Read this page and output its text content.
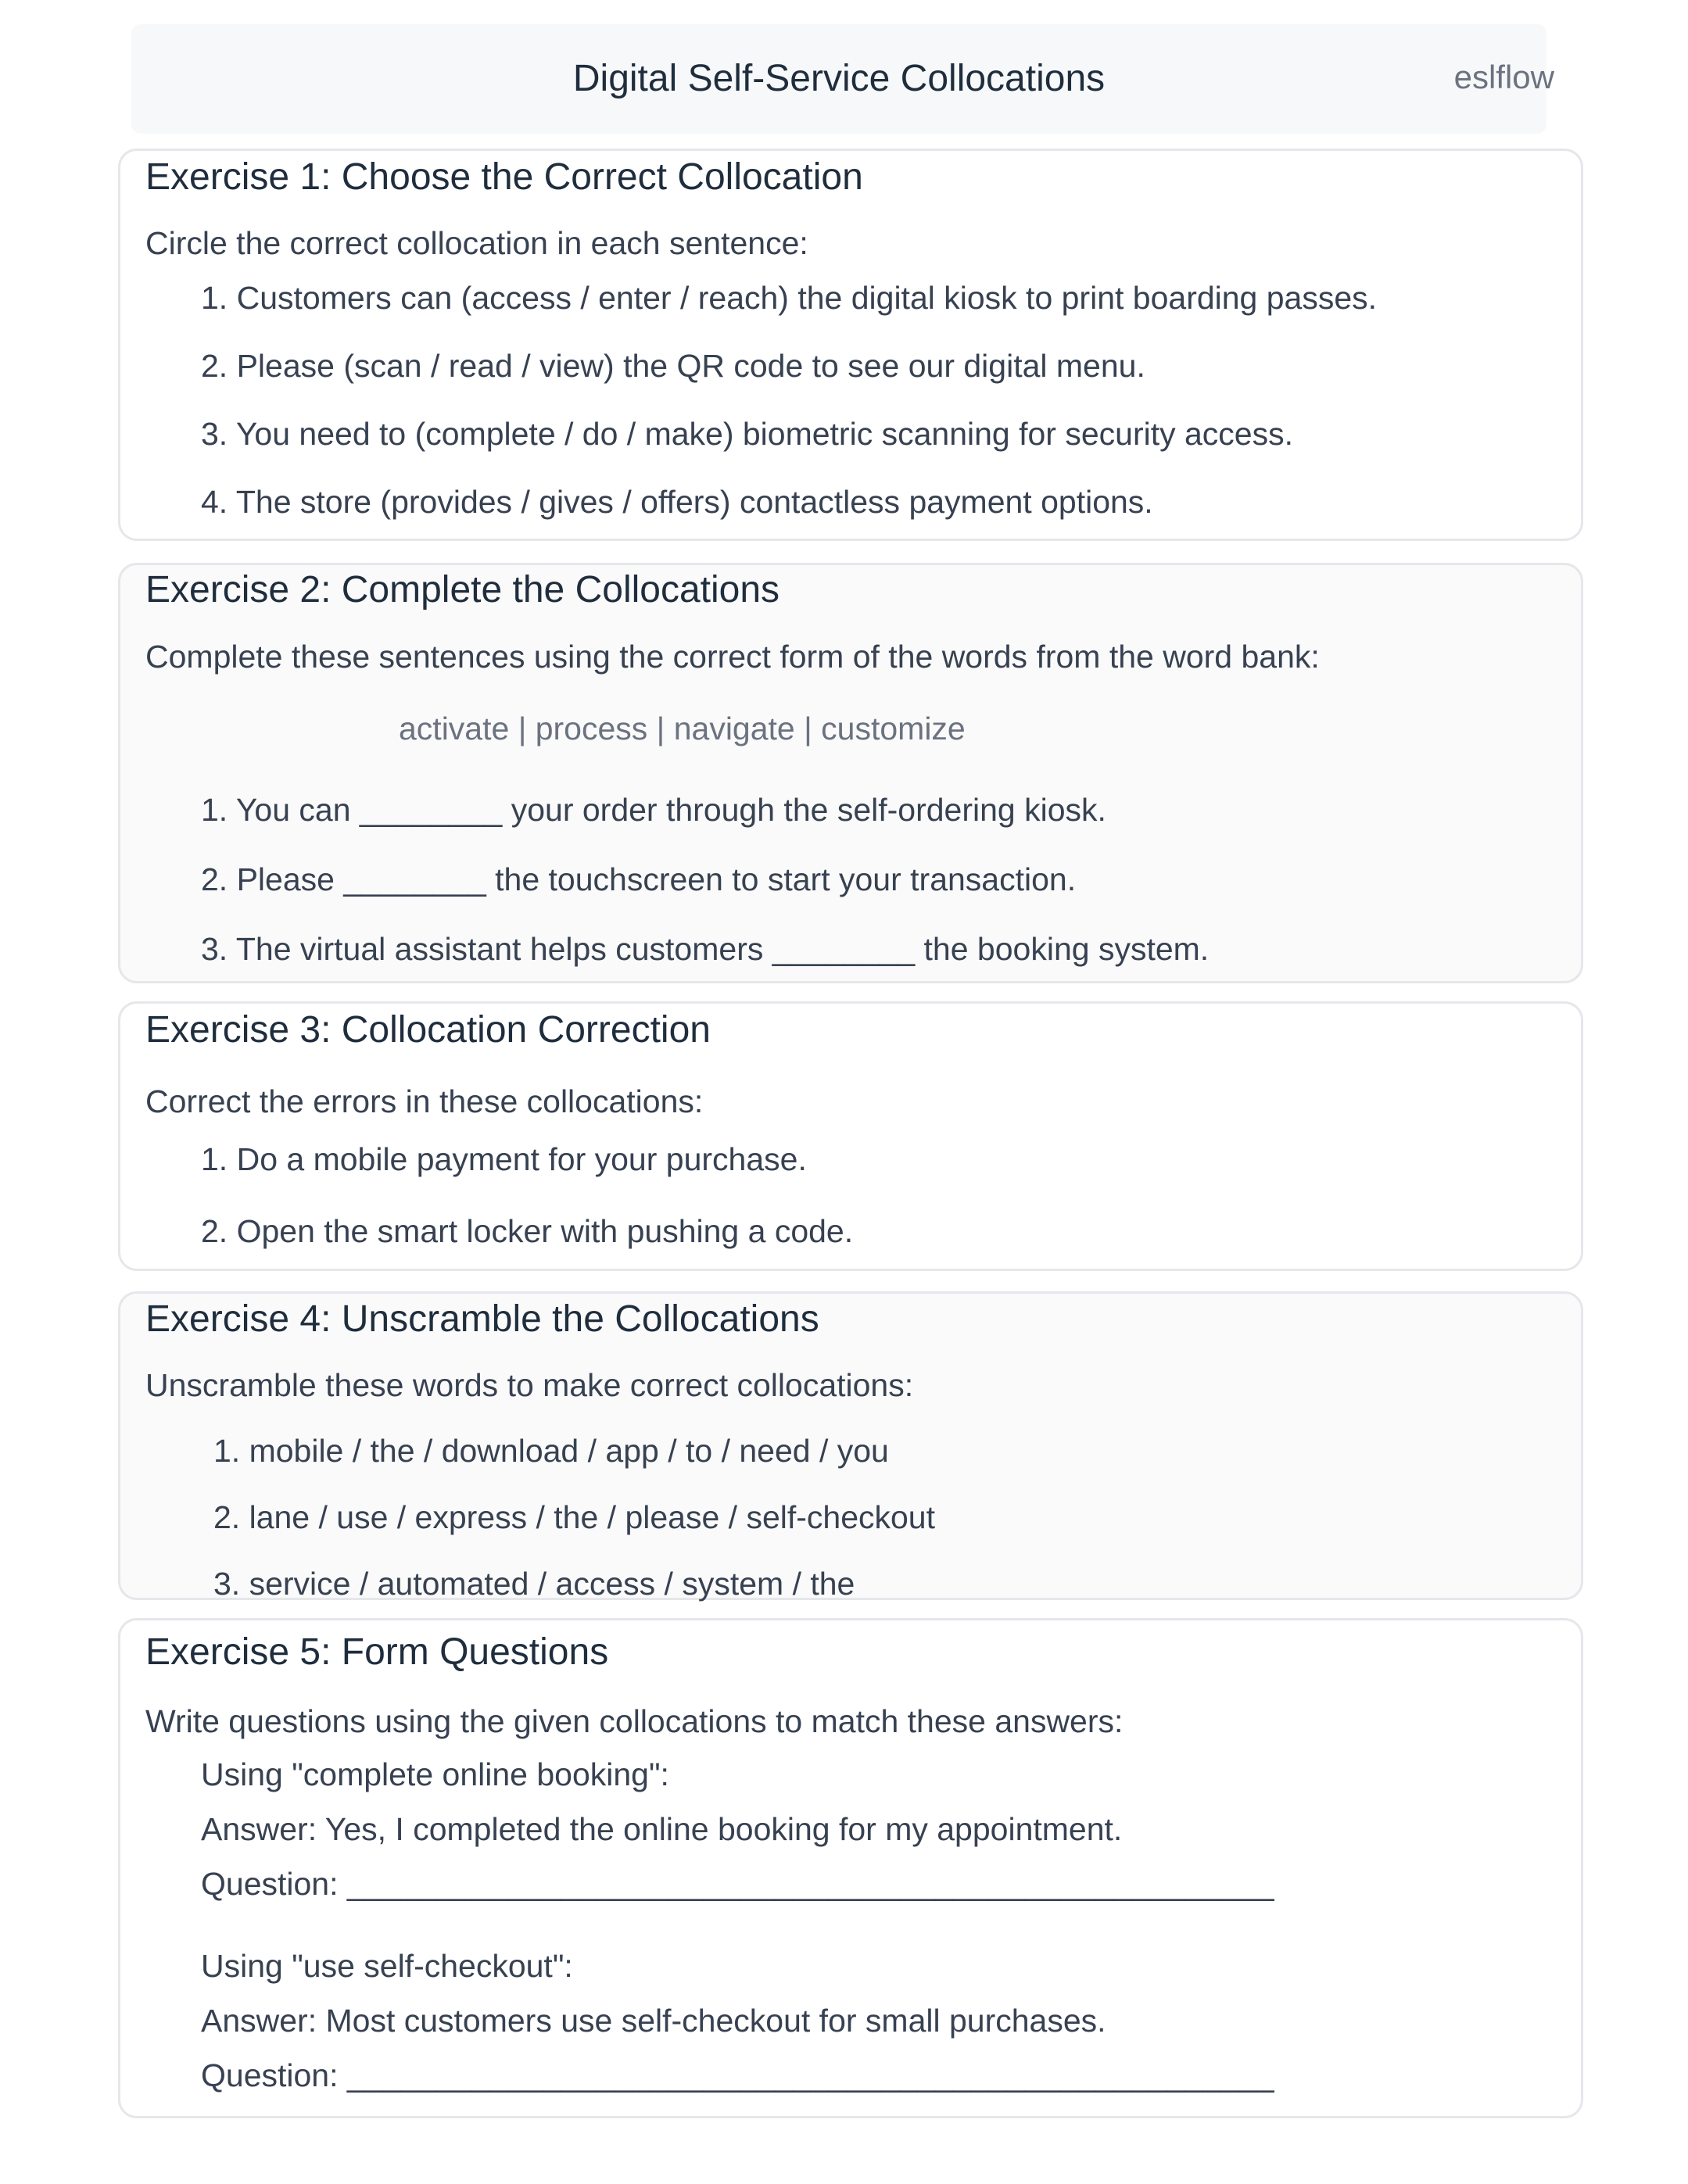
Digital Self-Service Collocations	eslflow
Exercise 1: Choose the Correct Collocation
Circle the correct collocation in each sentence:
1. Customers can (access / enter / reach) the digital kiosk to print boarding passes.
2. Please (scan / read / view) the QR code to see our digital menu.
3. You need to (complete / do / make) biometric scanning for security access.
4. The store (provides / gives / offers) contactless payment options.
Exercise 2: Complete the Collocations
Complete these sentences using the correct form of the words from the word bank:
activate | process | navigate | customize
1. You can ________ your order through the self-ordering kiosk.
2. Please ________ the touchscreen to start your transaction.
3. The virtual assistant helps customers ________ the booking system.
Exercise 3: Collocation Correction
Correct the errors in these collocations:
1. Do a mobile payment for your purchase.
2. Open the smart locker with pushing a code.
Exercise 4: Unscramble the Collocations
Unscramble these words to make correct collocations:
1. mobile / the / download / app / to / need / you
2. lane / use / express / the / please / self-checkout
3. service / automated / access / system / the
Exercise 5: Form Questions
Write questions using the given collocations to match these answers:
Using "complete online booking":
Answer: Yes, I completed the online booking for my appointment.
Question: ____________________________________________________
Using "use self-checkout":
Answer: Most customers use self-checkout for small purchases.
Question: ____________________________________________________
